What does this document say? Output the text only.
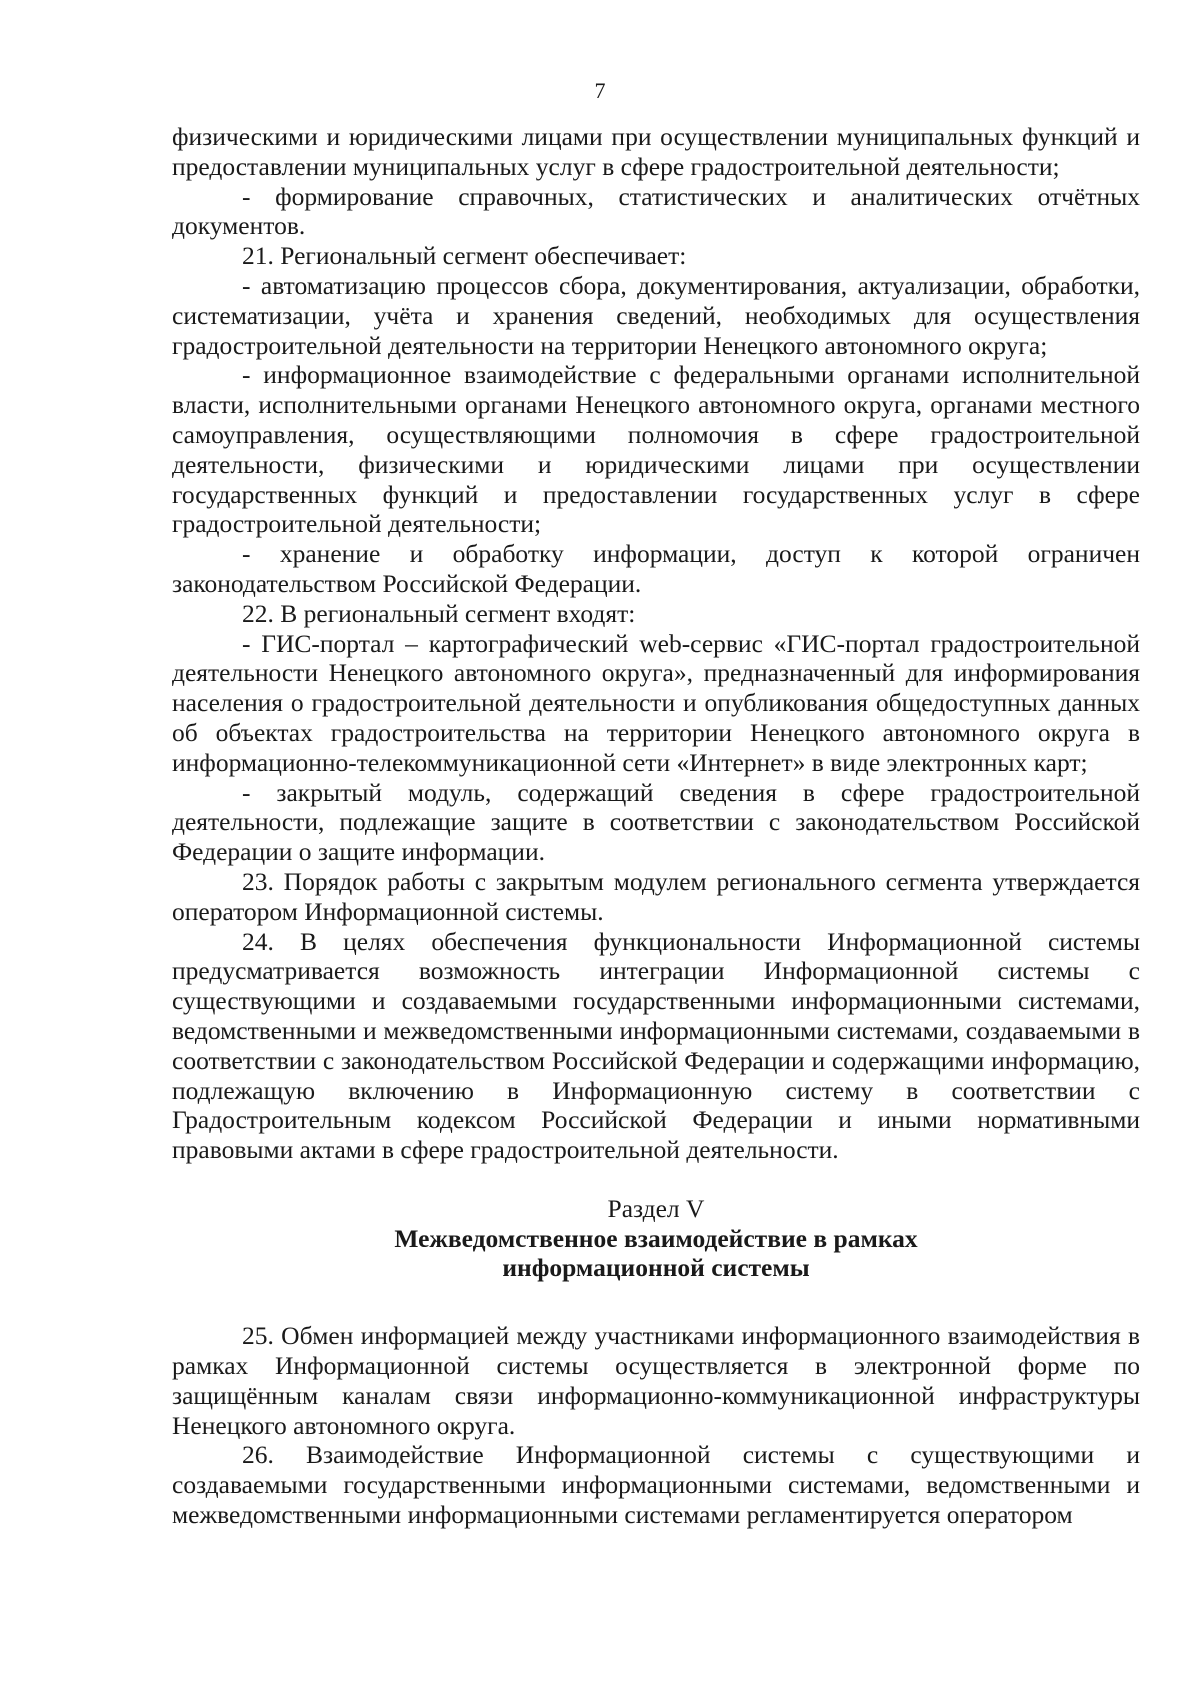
7

физическими и юридическими лицами при осуществлении муниципальных функций и предоставлении муниципальных услуг в сфере градостроительной деятельности;

- формирование справочных, статистических и аналитических отчётных документов.

21. Региональный сегмент обеспечивает:

- автоматизацию процессов сбора, документирования, актуализации, обработки, систематизации, учёта и хранения сведений, необходимых для осуществления градостроительной деятельности на территории Ненецкого автономного округа;

- информационное взаимодействие с федеральными органами исполнительной власти, исполнительными органами Ненецкого автономного округа, органами местного самоуправления, осуществляющими полномочия в сфере градостроительной деятельности, физическими и юридическими лицами при осуществлении государственных функций и предоставлении государственных услуг в сфере градостроительной деятельности;

- хранение и обработку информации, доступ к которой ограничен законодательством Российской Федерации.

22. В региональный сегмент входят:

- ГИС-портал – картографический web-сервис «ГИС-портал градостроительной деятельности Ненецкого автономного округа», предназначенный для информирования населения о градостроительной деятельности и опубликования общедоступных данных об объектах градостроительства на территории Ненецкого автономного округа в информационно-телекоммуникационной сети «Интернет» в виде электронных карт;

- закрытый модуль, содержащий сведения в сфере градостроительной деятельности, подлежащие защите в соответствии с законодательством Российской Федерации о защите информации.

23. Порядок работы с закрытым модулем регионального сегмента утверждается оператором Информационной системы.

24. В целях обеспечения функциональности Информационной системы предусматривается возможность интеграции Информационной системы с существующими и создаваемыми государственными информационными системами, ведомственными и межведомственными информационными системами, создаваемыми в соответствии с законодательством Российской Федерации и содержащими информацию, подлежащую включению в Информационную систему в соответствии с Градостроительным кодексом Российской Федерации и иными нормативными правовыми актами в сфере градостроительной деятельности.

Раздел V
Межведомственное взаимодействие в рамках информационной системы

25. Обмен информацией между участниками информационного взаимодействия в рамках Информационной системы осуществляется в электронной форме по защищённым каналам связи информационно-коммуникационной инфраструктуры Ненецкого автономного округа.

26. Взаимодействие Информационной системы с существующими и создаваемыми государственными информационными системами, ведомственными и межведомственными информационными системами регламентируется оператором
